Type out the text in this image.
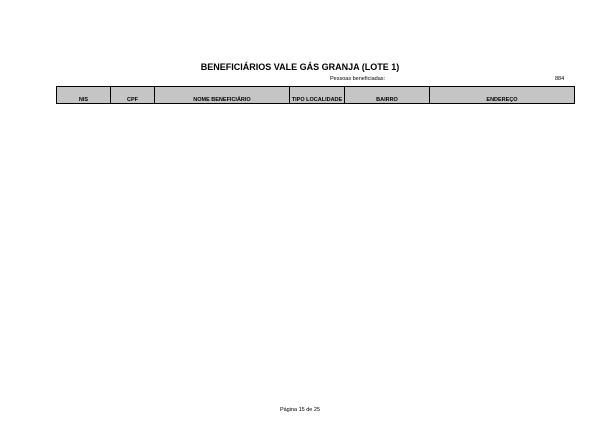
BENEFICIÁRIOS VALE GÁS GRANJA (LOTE 1)
Pessoas beneficiadas:	884
NIS	CPF	NOME BENEFICIÁRIO	TIPO LOCALIDADE	BAIRRO	ENDEREÇO
Página 15 de 25
